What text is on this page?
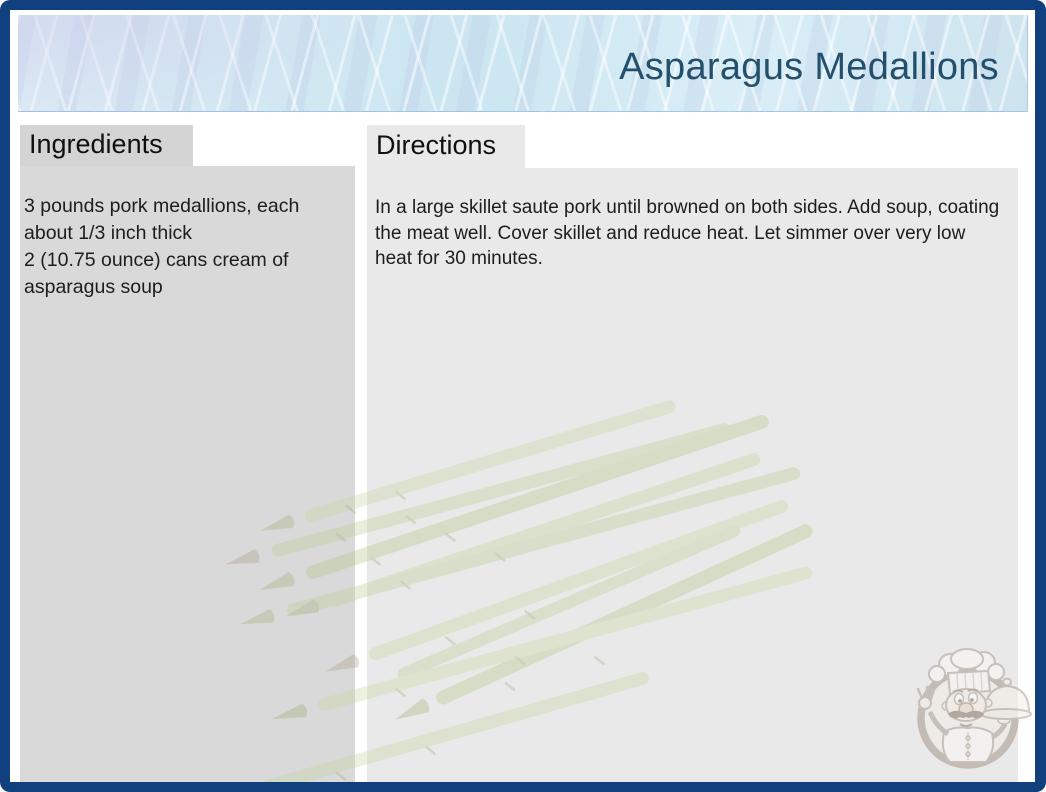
Asparagus Medallions
Ingredients
3 pounds pork medallions, each about 1/3 inch thick
2 (10.75 ounce) cans cream of asparagus soup
Directions
In a large skillet saute pork until browned on both sides. Add soup, coating the meat well. Cover skillet and reduce heat. Let simmer over very low heat for 30 minutes.
